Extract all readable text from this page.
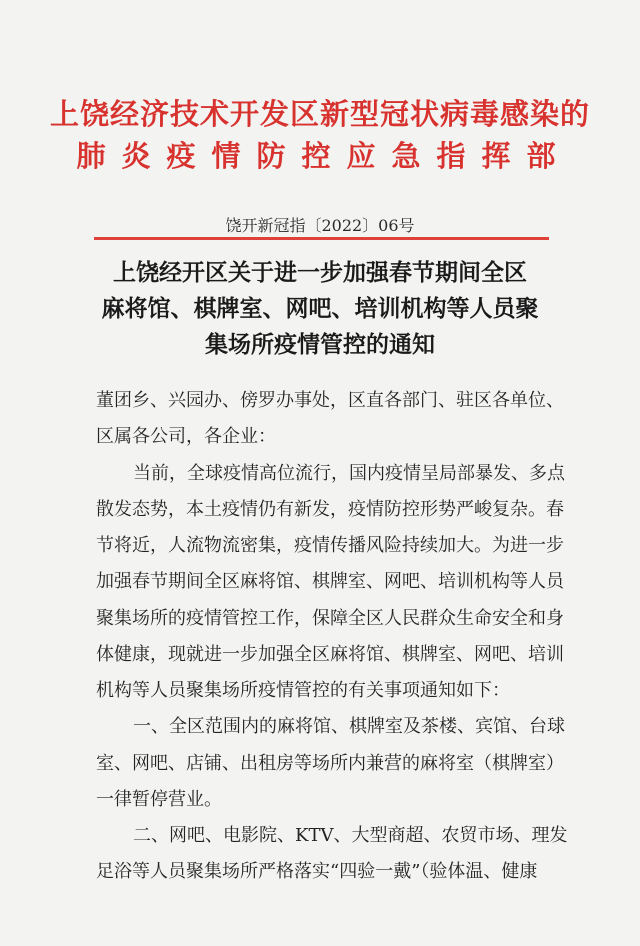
上饶经济技术开发区新型冠状病毒感染的
肺炎疫情防控应急指挥部
饶开新冠指〔2022〕06号
上饶经开区关于进一步加强春节期间全区
麻将馆、棋牌室、网吧、培训机构等人员聚
集场所疫情管控的通知
董团乡、兴园办、傍罗办事处，区直各部门、驻区各单位、
区属各公司，各企业：
当前，全球疫情高位流行，国内疫情呈局部暴发、多点
散发态势，本土疫情仍有新发，疫情防控形势严峻复杂。春
节将近，人流物流密集，疫情传播风险持续加大。为进一步
加强春节期间全区麻将馆、棋牌室、网吧、培训机构等人员
聚集场所的疫情管控工作，保障全区人民群众生命安全和身
体健康，现就进一步加强全区麻将馆、棋牌室、网吧、培训
机构等人员聚集场所疫情管控的有关事项通知如下：
一、全区范围内的麻将馆、棋牌室及茶楼、宾馆、台球
室、网吧、店铺、出租房等场所内兼营的麻将室（棋牌室）
一律暂停营业。
二、网吧、电影院、KTV、大型商超、农贸市场、理发
足浴等人员聚集场所严格落实“四验一戴”（验体温、健康
